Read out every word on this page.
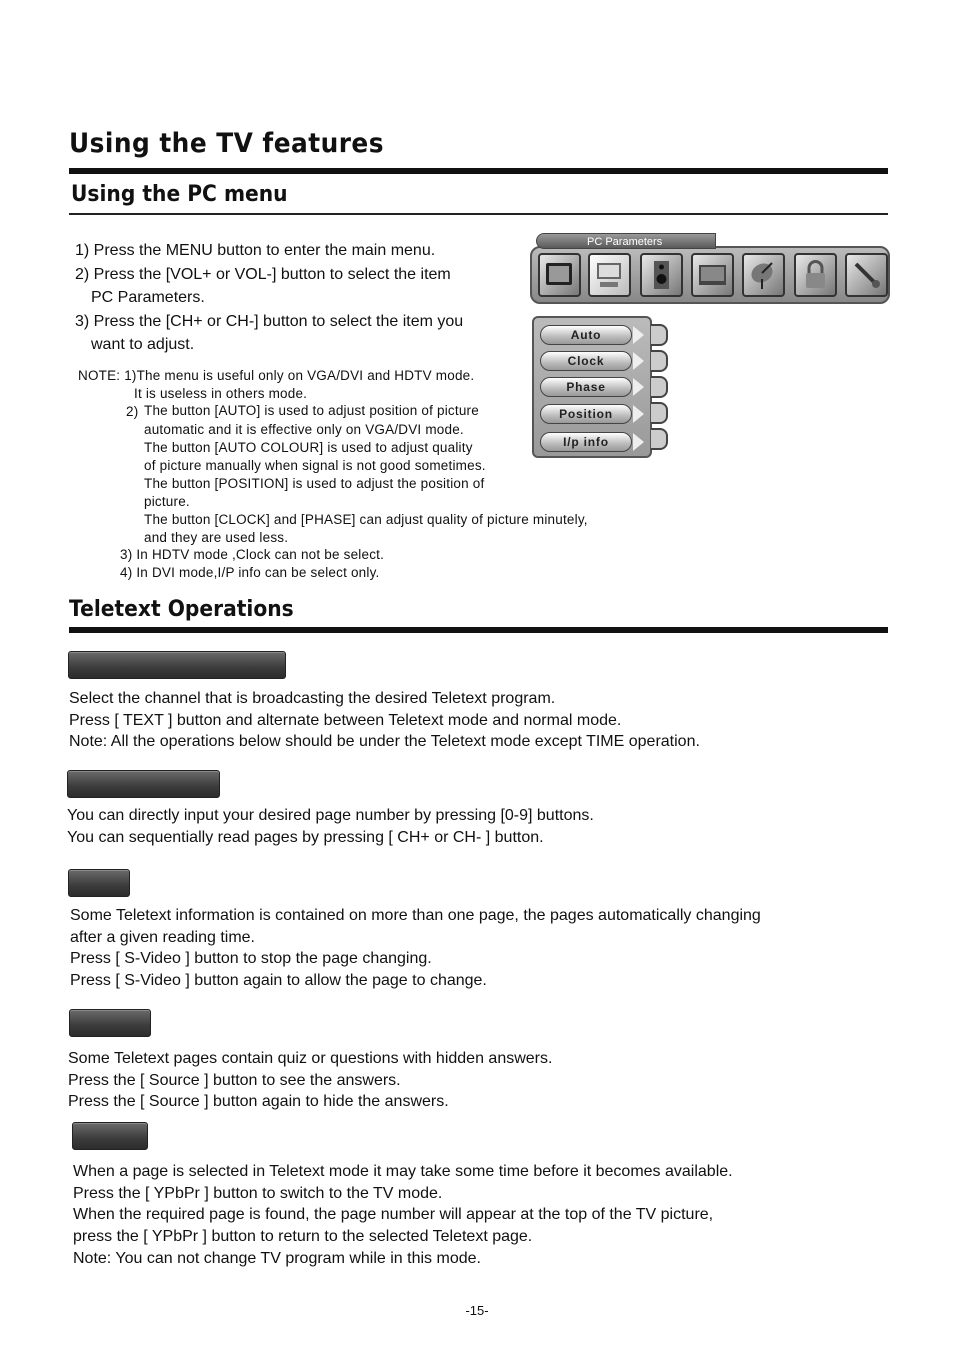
Using the TV features
Using the PC menu
1) Press the MENU button to enter the main menu.
2) Press the [VOL+ or VOL-] button to select the item
PC Parameters.
3) Press the [CH+ or CH-] button to select the item you
want to adjust.
NOTE: 1)The menu is useful only on VGA/DVI and HDTV mode.
It is useless in others mode.
2) The button [AUTO] is used to adjust position of picture
automatic and it is effective only on VGA/DVI mode.
The button [AUTO COLOUR] is used to adjust quality
of picture manually when signal is not good sometimes.
The button [POSITION] is used to adjust the position of
picture.
The button [CLOCK] and [PHASE] can adjust quality of picture minutely,
and they are used less.
3) In HDTV mode ,Clock can not be select.
4) In DVI mode,I/P info can be select only.
PC Parameters
Auto
Clock
Phase
Position
I/p info
Teletext Operations
Select the channel that is broadcasting the desired Teletext program.
Press [ TEXT ] button and alternate between Teletext mode and normal mode.
Note: All the operations below should be under the Teletext mode except TIME operation.
You can directly input your desired page number by pressing [0-9] buttons.
You can sequentially read pages by pressing [ CH+ or CH- ] button.
Some Teletext information is contained on more than one page, the pages automatically changing
after a given reading time.
Press [ S-Video ] button to stop the page changing.
Press [ S-Video ] button again to allow the page to change.
Some Teletext pages contain quiz or questions with hidden answers.
Press the [ Source ] button to see the answers.
Press the [ Source ] button again to hide the answers.
When a page is selected in Teletext mode it may take some time before it becomes available.
Press the [ YPbPr ] button to switch to the TV mode.
When the required page is found, the page number will appear at the top of the TV picture,
press the [ YPbPr ] button to return to the selected Teletext page.
Note: You can not change TV program while in this mode.
-15-
